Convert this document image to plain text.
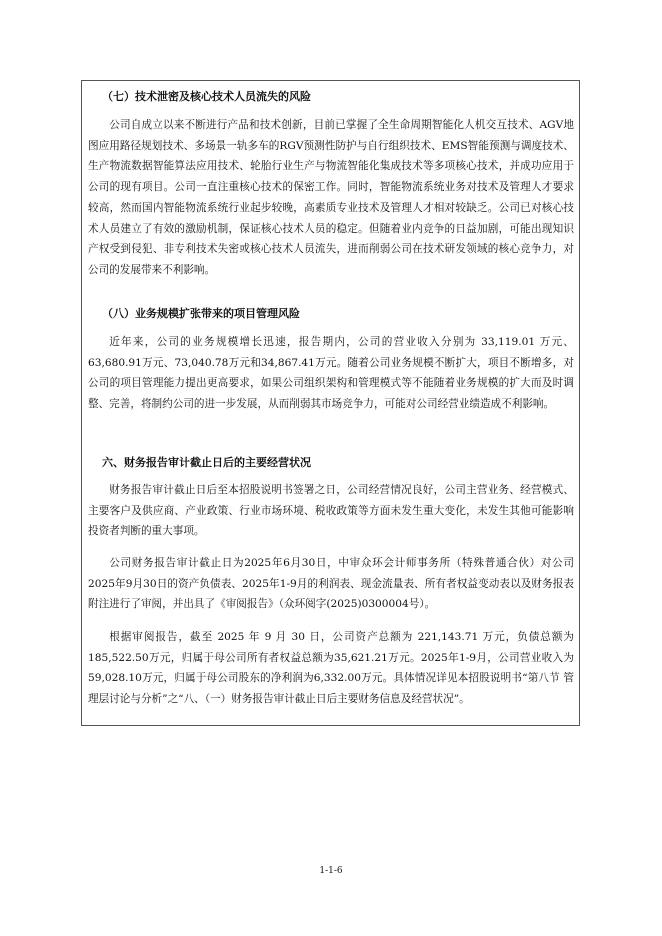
（七）技术泄密及核心技术人员流失的风险

公司自成立以来不断进行产品和技术创新，目前已掌握了全生命周期智能化人机交互技术、AGV地图应用路径规划技术、多场景一轨多车的RGV预测性防护与自行组织技术、EMS智能预测与调度技术、生产物流数据智能算法应用技术、轮胎行业生产与物流智能化集成技术等多项核心技术，并成功应用于公司的现有项目。公司一直注重核心技术的保密工作。同时，智能物流系统业务对技术及管理人才要求较高，然而国内智能物流系统行业起步较晚，高素质专业技术及管理人才相对较缺乏。公司已对核心技术人员建立了有效的激励机制，保证核心技术人员的稳定。但随着业内竞争的日益加剧，可能出现知识产权受到侵犯、非专利技术失密或核心技术人员流失，进而削弱公司在技术研发领域的核心竞争力，对公司的发展带来不利影响。

（八）业务规模扩张带来的项目管理风险

近年来，公司的业务规模增长迅速，报告期内，公司的营业收入分别为 33,119.01 万元、63,680.91万元、73,040.78万元和34,867.41万元。随着公司业务规模不断扩大，项目不断增多，对公司的项目管理能力提出更高要求，如果公司组织架构和管理模式等不能随着业务规模的扩大而及时调整、完善，将制约公司的进一步发展，从而削弱其市场竞争力，可能对公司经营业绩造成不利影响。

六、财务报告审计截止日后的主要经营状况

财务报告审计截止日后至本招股说明书签署之日，公司经营情况良好，公司主营业务、经营模式、主要客户及供应商、产业政策、行业市场环境、税收政策等方面未发生重大变化，未发生其他可能影响投资者判断的重大事项。

公司财务报告审计截止日为2025年6月30日，中审众环会计师事务所（特殊普通合伙）对公司2025年9月30日的资产负债表、2025年1-9月的利润表、现金流量表、所有者权益变动表以及财务报表附注进行了审阅，并出具了《审阅报告》（众环阅字(2025)0300004号）。

根据审阅报告，截至 2025 年 9 月 30 日，公司资产总额为 221,143.71 万元，负债总额为185,522.50万元，归属于母公司所有者权益总额为35,621.21万元。2025年1-9月，公司营业收入为59,028.10万元，归属于母公司股东的净利润为6,332.00万元。具体情况详见本招股说明书“第八节 管理层讨论与分析”之“八、（一）财务报告审计截止日后主要财务信息及经营状况”。

1-1-6
